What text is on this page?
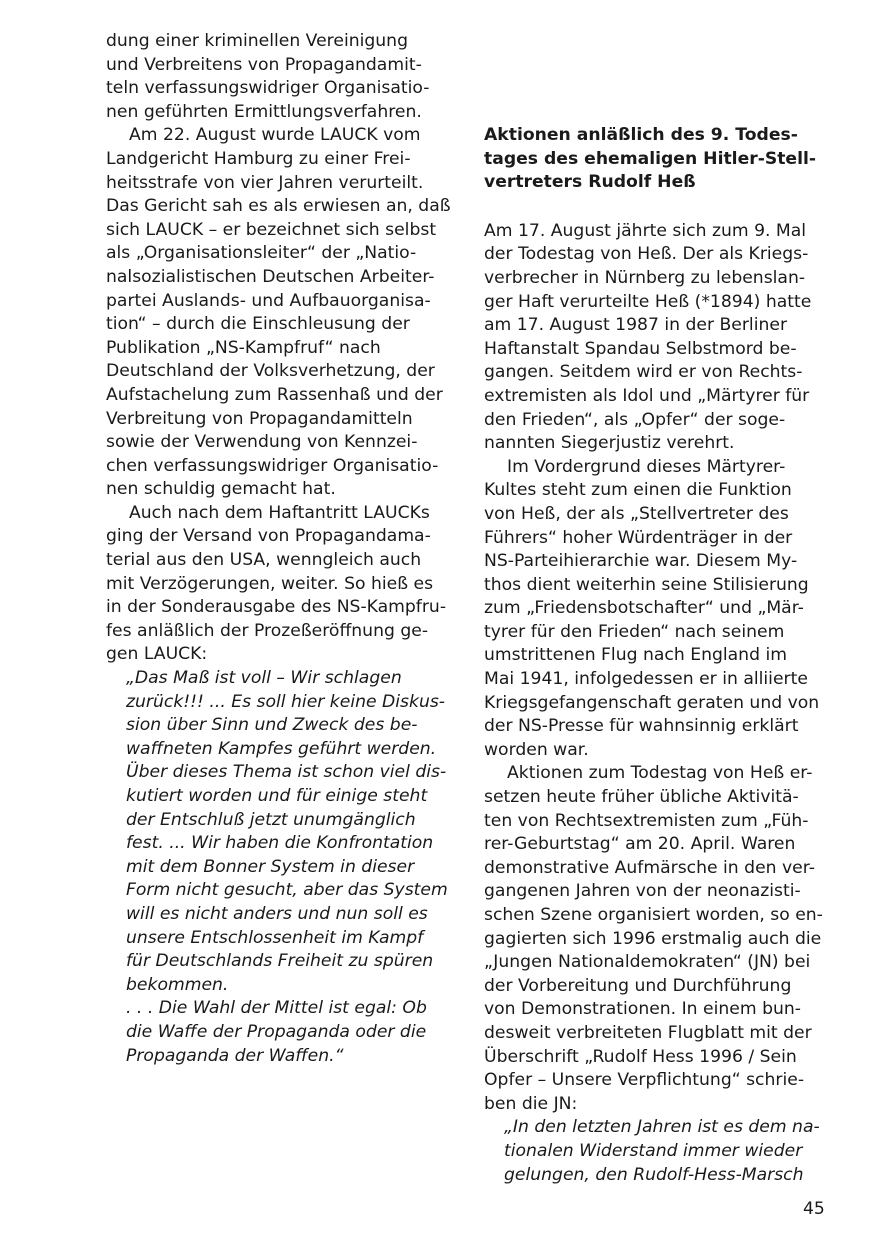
dung einer kriminellen Vereinigung
und Verbreitens von Propagandamit-
teln verfassungswidriger Organisatio-
nen geführten Ermittlungsverfahren.
Am 22. August wurde LAUCK vom
Landgericht Hamburg zu einer Frei-
heitsstrafe von vier Jahren verurteilt.
Das Gericht sah es als erwiesen an, daß
sich LAUCK – er bezeichnet sich selbst
als „Organisationsleiter“ der „Natio-
nalsozialistischen Deutschen Arbeiter-
partei Auslands- und Aufbauorganisa-
tion“ – durch die Einschleusung der
Publikation „NS-Kampfruf“ nach
Deutschland der Volksverhetzung, der
Aufstachelung zum Rassenhaß und der
Verbreitung von Propagandamitteln
sowie der Verwendung von Kennzei-
chen verfassungswidriger Organisatio-
nen schuldig gemacht hat.
Auch nach dem Haftantritt LAUCKs
ging der Versand von Propagandama-
terial aus den USA, wenngleich auch
mit Verzögerungen, weiter. So hieß es
in der Sonderausgabe des NS-Kampfru-
fes anläßlich der Prozeßeröffnung ge-
gen LAUCK:
„Das Maß ist voll – Wir schlagen
zurück!!! ... Es soll hier keine Diskus-
sion über Sinn und Zweck des be-
waffneten Kampfes geführt werden.
Über dieses Thema ist schon viel dis-
kutiert worden und für einige steht
der Entschluß jetzt unumgänglich
fest. ... Wir haben die Konfrontation
mit dem Bonner System in dieser
Form nicht gesucht, aber das System
will es nicht anders und nun soll es
unsere Entschlossenheit im Kampf
für Deutschlands Freiheit zu spüren
bekommen.
. . . Die Wahl der Mittel ist egal: Ob
die Waffe der Propaganda oder die
Propaganda der Waffen.“
Aktionen anläßlich des 9. Todes-
tages des ehemaligen Hitler-Stell-
vertreters Rudolf Heß
Am 17. August jährte sich zum 9. Mal
der Todestag von Heß. Der als Kriegs-
verbrecher in Nürnberg zu lebenslan-
ger Haft verurteilte Heß (*1894) hatte
am 17. August 1987 in der Berliner
Haftanstalt Spandau Selbstmord be-
gangen. Seitdem wird er von Rechts-
extremisten als Idol und „Märtyrer für
den Frieden“, als „Opfer“ der soge-
nannten Siegerjustiz verehrt.
Im Vordergrund dieses Märtyrer-
Kultes steht zum einen die Funktion
von Heß, der als „Stellvertreter des
Führers“ hoher Würdenträger in der
NS-Parteihierarchie war. Diesem My-
thos dient weiterhin seine Stilisierung
zum „Friedensbotschafter“ und „Mär-
tyrer für den Frieden“ nach seinem
umstrittenen Flug nach England im
Mai 1941, infolgedessen er in alliierte
Kriegsgefangenschaft geraten und von
der NS-Presse für wahnsinnig erklärt
worden war.
Aktionen zum Todestag von Heß er-
setzen heute früher übliche Aktivitä-
ten von Rechtsextremisten zum „Füh-
rer-Geburtstag“ am 20. April. Waren
demonstrative Aufmärsche in den ver-
gangenen Jahren von der neonazisti-
schen Szene organisiert worden, so en-
gagierten sich 1996 erstmalig auch die
„Jungen Nationaldemokraten“ (JN) bei
der Vorbereitung und Durchführung
von Demonstrationen. In einem bun-
desweit verbreiteten Flugblatt mit der
Überschrift „Rudolf Hess 1996 / Sein
Opfer – Unsere Verpflichtung“ schrie-
ben die JN:
„In den letzten Jahren ist es dem na-
tionalen Widerstand immer wieder
gelungen, den Rudolf-Hess-Marsch
45
